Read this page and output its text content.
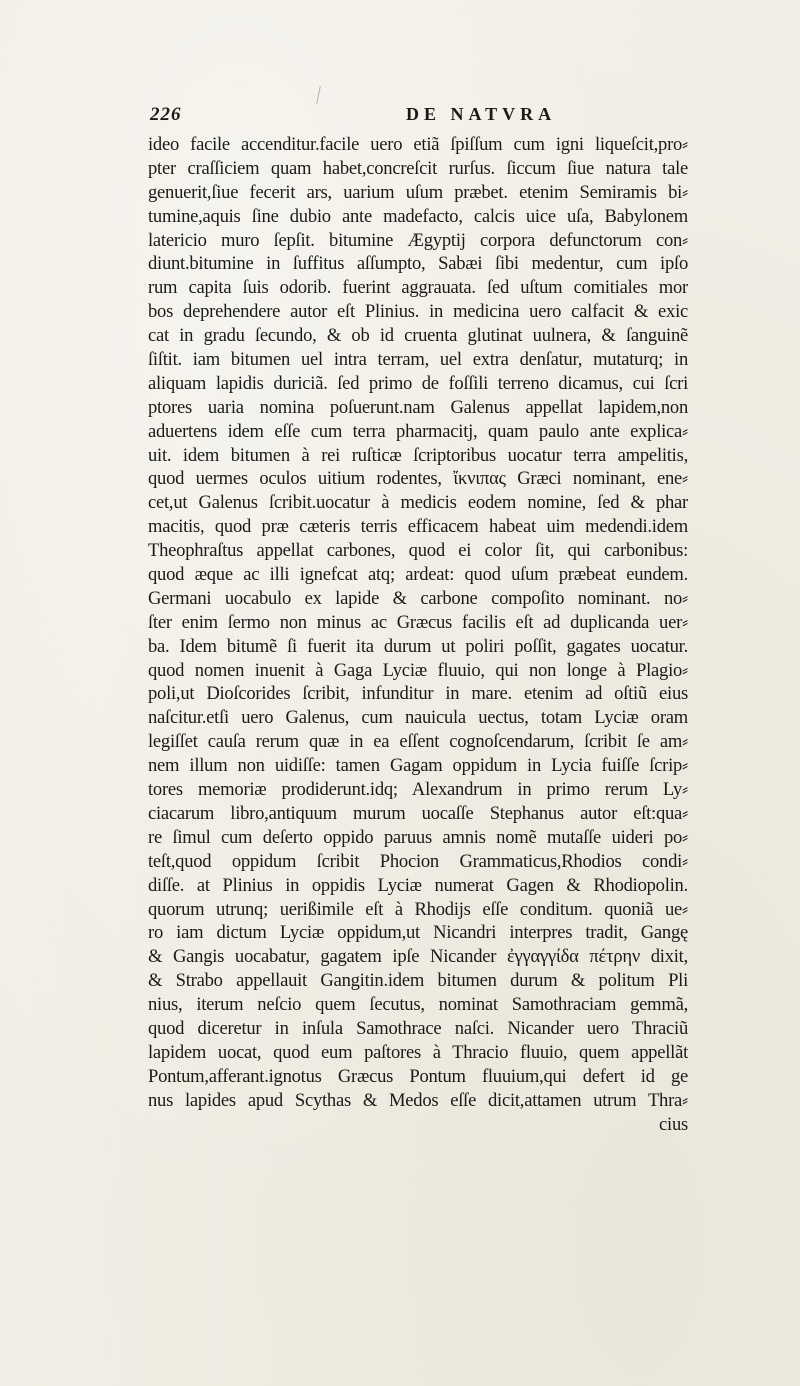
226	DE NATVRA
ideo facile accenditur.facile uero etiã ſpiſſum cum igni liqueſcit,pro⸗
pter craſſiciem quam habet,concreſcit rurſus. ſiccum ſiue natura tale
genuerit,ſiue fecerit ars, uarium uſum præbet. etenim Semiramis bi⸗
tumine,aquis ſine dubio ante madefacto, calcis uice uſa, Babylonem
latericio muro ſepſit. bitumine Ægyptij corpora defunctorum con⸗
diunt.bitumine in ſuffitus aſſumpto, Sabæi ſibi medentur, cum ipſo
rum capita ſuis odorib. fuerint aggrauata. ſed uſtum comitiales mor
bos deprehendere autor eſt Plinius. in medicina uero calfacit & exic
cat in gradu ſecundo, & ob id cruenta glutinat uulnera, & ſanguinẽ
ſiſtit. iam bitumen uel intra terram, uel extra denſatur, mutaturq; in
aliquam lapidis duriciã. ſed primo de foſſili terreno dicamus, cui ſcri
ptores uaria nomina poſuerunt.nam Galenus appellat lapidem,non
aduertens idem eſſe cum terra pharmacitj, quam paulo ante explica⸗
uit. idem bitumen à rei ruſticæ ſcriptoribus uocatur terra ampelitis,
quod uermes oculos uitium rodentes, ἴκνιπας Græci nominant, ene⸗
cet,ut Galenus ſcribit.uocatur à medicis eodem nomine, ſed & phar
macitis, quod præ cæteris terris efficacem habeat uim medendi.idem
Theophraſtus appellat carbones, quod ei color ſit, qui carbonibus:
quod æque ac illi ignefcat atq; ardeat: quod uſum præbeat eundem.
Germani uocabulo ex lapide & carbone compoſito nominant. no⸗
ſter enim ſermo non minus ac Græcus facilis eſt ad duplicanda uer⸗
ba. Idem bitumẽ ſi fuerit ita durum ut poliri poſſit, gagates uocatur.
quod nomen inuenit à Gaga Lyciæ fluuio, qui non longe à Plagio⸗
poli,ut Dioſcorides ſcribit, infunditur in mare. etenim ad oſtiũ eius
naſcitur.etſi uero Galenus, cum nauicula uectus, totam Lyciæ oram
legiſſet cauſa rerum quæ in ea eſſent cognoſcendarum, ſcribit ſe am⸗
nem illum non uidiſſe: tamen Gagam oppidum in Lycia fuiſſe ſcrip⸗
tores memoriæ prodiderunt.idq; Alexandrum in primo rerum Ly⸗
ciacarum libro,antiquum murum uocaſſe Stephanus autor eſt:qua⸗
re ſimul cum deſerto oppido paruus amnis nomẽ mutaſſe uideri po⸗
teſt,quod oppidum ſcribit Phocion Grammaticus,Rhodios condi⸗
diſſe. at Plinius in oppidis Lyciæ numerat Gagen & Rhodiopolin.
quorum utrunq; uerißimile eſt à Rhodijs eſſe conditum. quoniã ue⸗
ro iam dictum Lyciæ oppidum,ut Nicandri interpres tradit, Gangę
& Gangis uocabatur, gagatem ipſe Nicander ἐγγαγγίδα πέτρην dixit,
& Strabo appellauit Gangitin.idem bitumen durum & politum Pli
nius, iterum neſcio quem ſecutus, nominat Samothraciam gemmã,
quod diceretur in inſula Samothrace naſci. Nicander uero Thraciũ
lapidem uocat, quod eum paſtores à Thracio fluuio, quem appellãt
Pontum,afferant.ignotus Græcus Pontum fluuium,qui defert id ge
nus lapides apud Scythas & Medos eſſe dicit,attamen utrum Thra⸗
cius
